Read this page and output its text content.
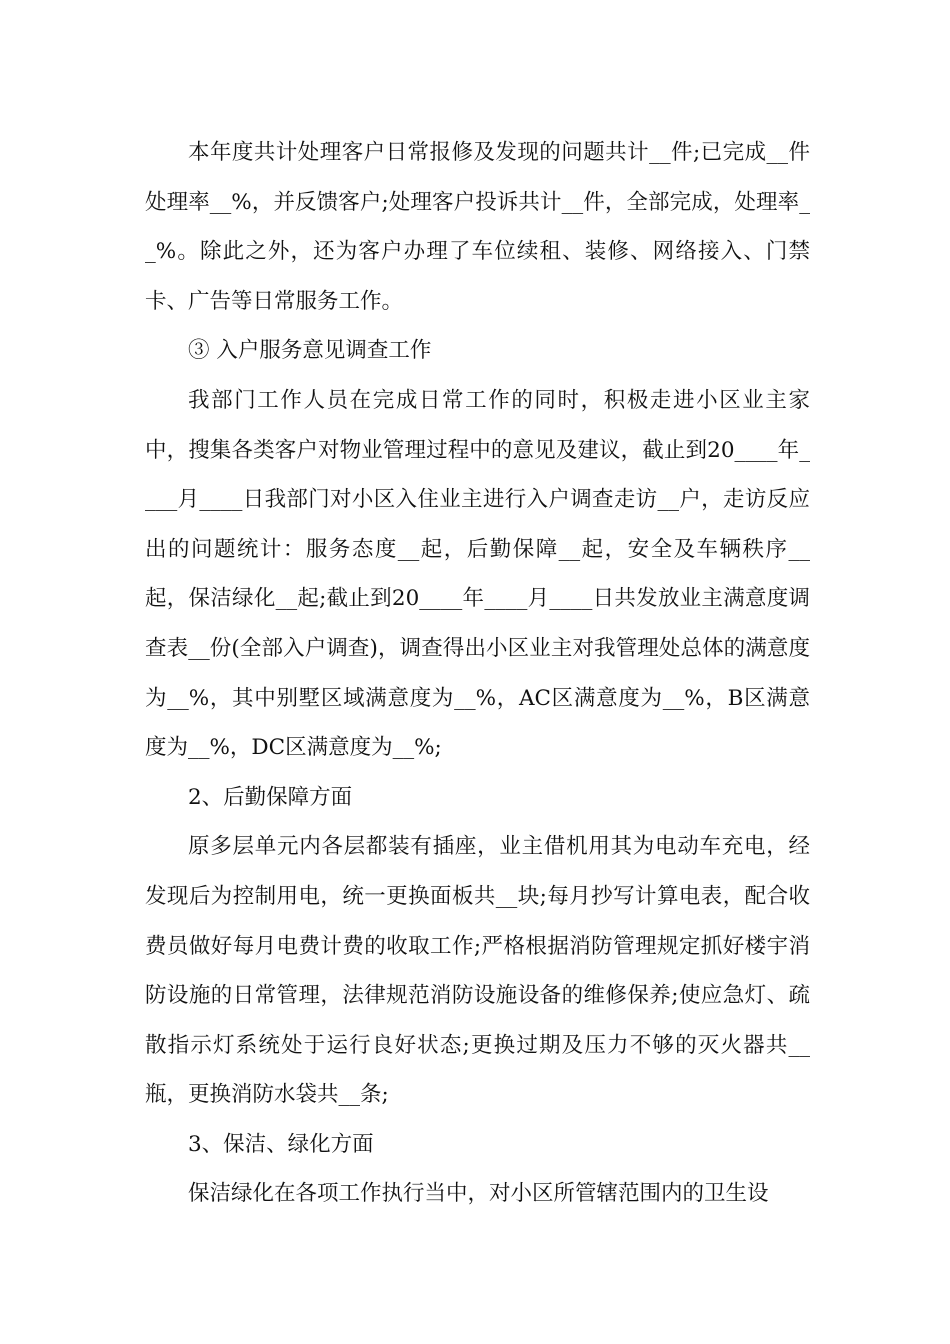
本年度共计处理客户日常报修及发现的问题共计__件;已完成__件处理率__%，并反馈客户;处理客户投诉共计__件，全部完成，处理率__%。除此之外，还为客户办理了车位续租、装修、网络接入、门禁卡、广告等日常服务工作。

③ 入户服务意见调查工作

我部门工作人员在完成日常工作的同时，积极走进小区业主家中，搜集各类客户对物业管理过程中的意见及建议，截止到20____年____月____日我部门对小区入住业主进行入户调查走访__户，走访反应出的问题统计：服务态度__起，后勤保障__起，安全及车辆秩序__起，保洁绿化__起;截止到20____年____月____日共发放业主满意度调查表__份(全部入户调查)，调查得出小区业主对我管理处总体的满意度为__%，其中别墅区域满意度为__%，AC区满意度为__%，B区满意度为__%，DC区满意度为__%;

2、后勤保障方面

原多层单元内各层都装有插座，业主借机用其为电动车充电，经发现后为控制用电，统一更换面板共__块;每月抄写计算电表，配合收费员做好每月电费计费的收取工作;严格根据消防管理规定抓好楼宇消防设施的日常管理，法律规范消防设施设备的维修保养;使应急灯、疏散指示灯系统处于运行良好状态;更换过期及压力不够的灭火器共__瓶，更换消防水袋共__条;

3、保洁、绿化方面

保洁绿化在各项工作执行当中，对小区所管辖范围内的卫生设
